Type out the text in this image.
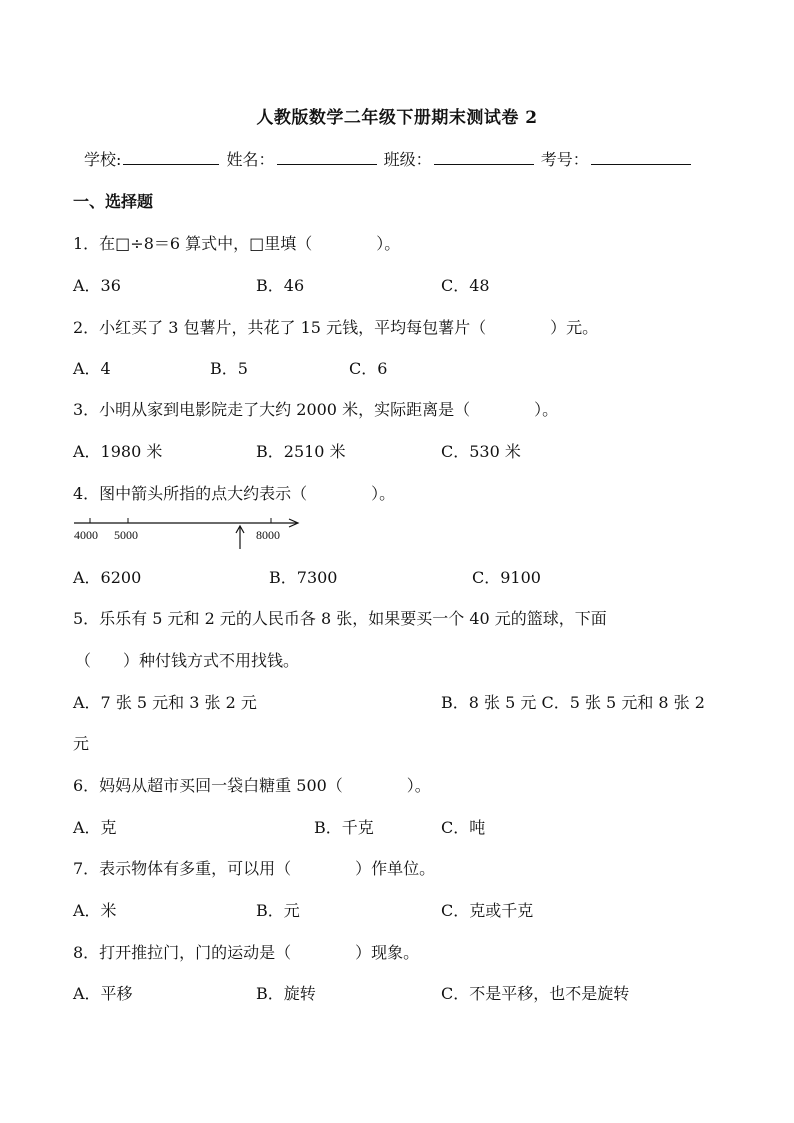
人教版数学二年级下册期末测试卷 2
学校:	姓名：	班级：	考号：
一、选择题
1．在□÷8＝6 算式中，□里填（　　　　）。
A．36	B．46	C．48
2．小红买了 3 包薯片，共花了 15 元钱，平均每包薯片（　　　　）元。
A．4	B．5	C．6
3．小明从家到电影院走了大约 2000 米，实际距离是（　　　　）。
A．1980 米	B．2510 米	C．530 米
4．图中箭头所指的点大约表示（　　　　）。
4000 5000	8000
A．6200	B．7300	C．9100
5．乐乐有 5 元和 2 元的人民币各 8 张，如果要买一个 40 元的篮球，下面
（　　）种付钱方式不用找钱。
A．7 张 5 元和 3 张 2 元	B．8 张 5 元 C．5 张 5 元和 8 张 2
元
6．妈妈从超市买回一袋白糖重 500（　　　　）。
A．克	B．千克	C．吨
7．表示物体有多重，可以用（　　　　）作单位。
A．米	B．元	C．克或千克
8．打开推拉门，门的运动是（　　　　）现象。
A．平移	B．旋转	C．不是平移，也不是旋转
